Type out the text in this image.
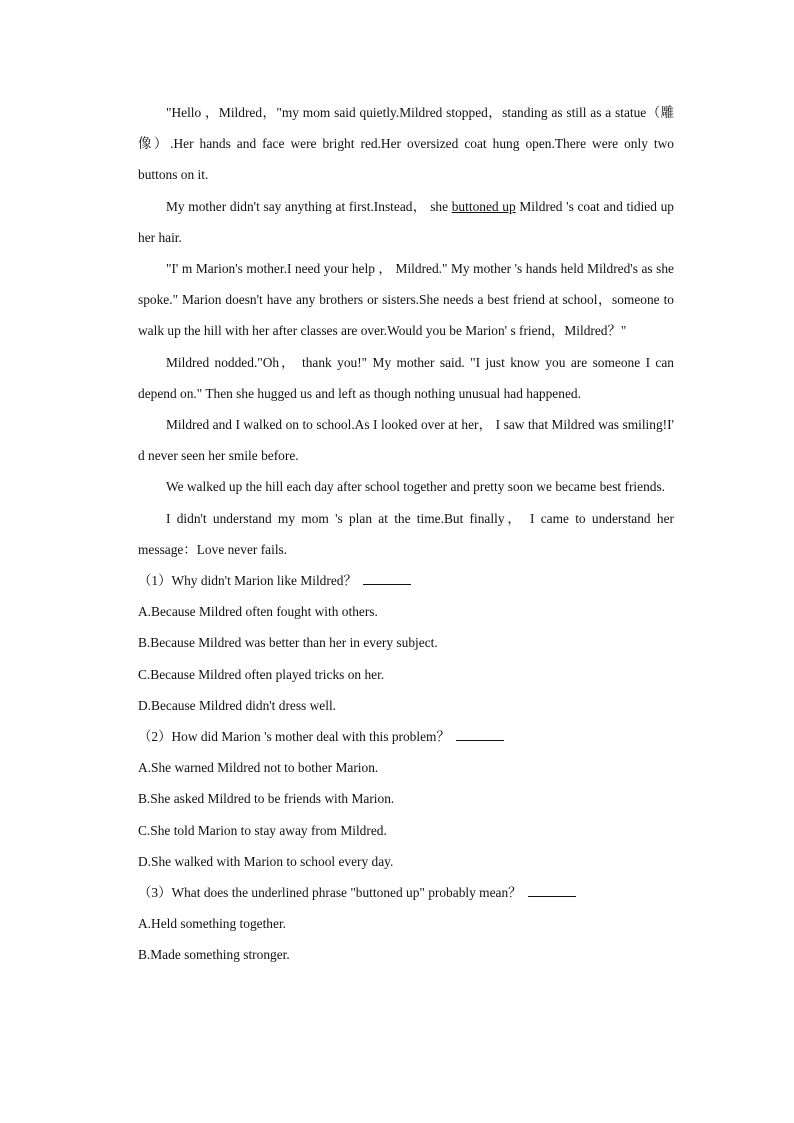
"Hello ，Mildred，"my mom said quietly.Mildred stopped，standing as still as a statue（雕像）.Her hands and face were bright red.Her oversized coat hung open.There were only two buttons on it.

My mother didn't say anything at first.Instead， she buttoned up Mildred 's coat and tidied up her hair.

"I' m Marion's mother.I need your help ， Mildred." My mother 's hands held Mildred's as she spoke." Marion doesn't have any brothers or sisters.She needs a best friend at school，someone to walk up the hill with her after classes are over.Would you be Marion' s friend，Mildred？"

Mildred nodded."Oh， thank you!" My mother said. "I just know you are someone I can depend on." Then she hugged us and left as though nothing unusual had happened.

Mildred and I walked on to school.As I looked over at her， I saw that Mildred was smiling!I' d never seen her smile before.

We walked up the hill each day after school together and pretty soon we became best friends.

I didn't understand my mom 's plan at the time.But finally， I came to understand her message：Love never fails.

（1）Why didn't Marion like Mildred？

A.Because Mildred often fought with others.

B.Because Mildred was better than her in every subject.

C.Because Mildred often played tricks on her.

D.Because Mildred didn't dress well.

（2）How did Marion 's mother deal with this problem？

A.She warned Mildred not to bother Marion.

B.She asked Mildred to be friends with Marion.

C.She told Marion to stay away from Mildred.

D.She walked with Marion to school every day.

（3）What does the underlined phrase "buttoned up" probably mean？

A.Held something together.

B.Made something stronger.
